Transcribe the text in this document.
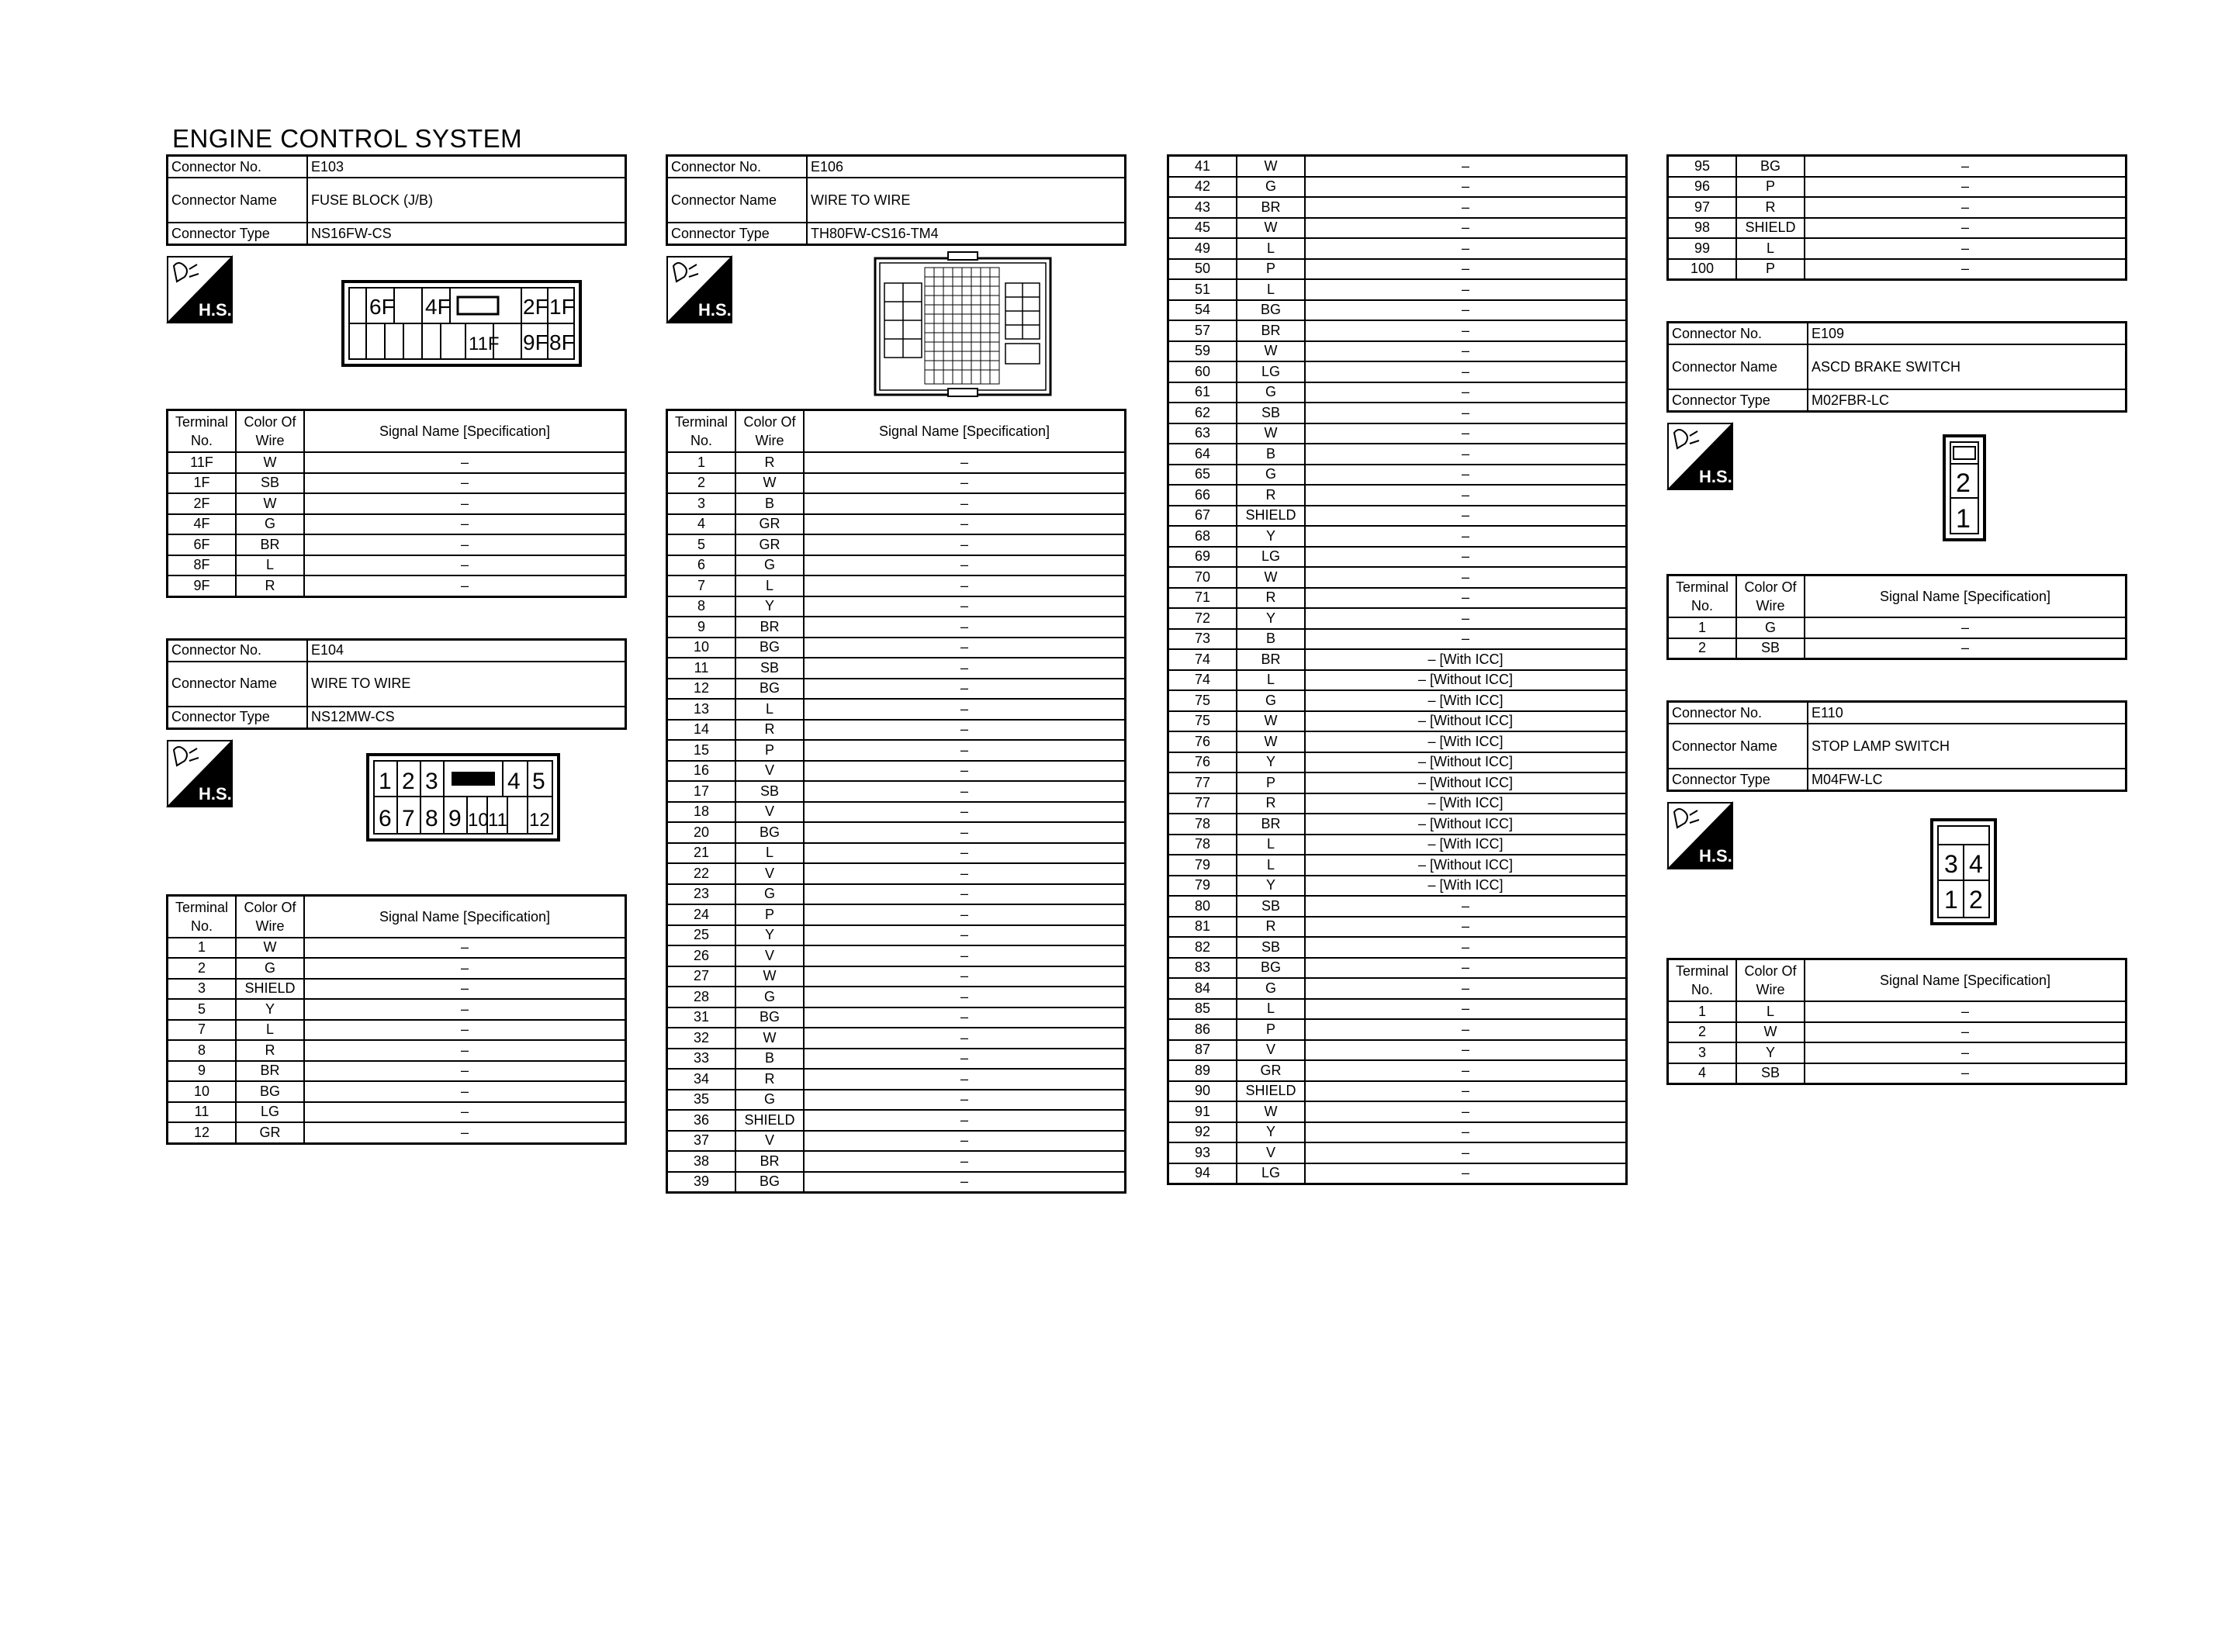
ENGINE CONTROL SYSTEM
Connector No.	E103
Connector Name	FUSE BLOCK (J/B)
Connector Type	NS16FW-CS
H.S.	6F 4F	2F 1F
11F 9F 8F
Terminal No.	Color Of Wire	Signal Name [Specification]
11F	W	–
1F	SB	–
2F	W	–
4F	G	–
6F	BR	–
8F	L	–
9F	R	–
Connector No.	E104
Connector Name	WIRE TO WIRE
Connector Type	NS12MW-CS
H.S.	1 2 3	4 5
6 7 8 9 10 11 12
Terminal No.	Color Of Wire	Signal Name [Specification]
1	W	–
2	G	–
3	SHIELD	–
5	Y	–
7	L	–
8	R	–
9	BR	–
10	BG	–
11	LG	–
12	GR	–
Connector No.	E106
Connector Name	WIRE TO WIRE
Connector Type	TH80FW-CS16-TM4
H.S.
Terminal No.	Color Of Wire	Signal Name [Specification]
1	R	–
2	W	–
3	B	–
4	GR	–
5	GR	–
6	G	–
7	L	–
8	Y	–
9	BR	–
10	BG	–
11	SB	–
12	BG	–
13	L	–
14	R	–
15	P	–
16	V	–
17	SB	–
18	V	–
20	BG	–
21	L	–
22	V	–
23	G	–
24	P	–
25	Y	–
26	V	–
27	W	–
28	G	–
31	BG	–
32	W	–
33	B	–
34	R	–
35	G	–
36	SHIELD	–
37	V	–
38	BR	–
39	BG	–
41	W	–
42	G	–
43	BR	–
45	W	–
49	L	–
50	P	–
51	L	–
54	BG	–
57	BR	–
59	W	–
60	LG	–
61	G	–
62	SB	–
63	W	–
64	B	–
65	G	–
66	R	–
67	SHIELD	–
68	Y	–
69	LG	–
70	W	–
71	R	–
72	Y	–
73	B	–
74	BR	– [With ICC]
74	L	– [Without ICC]
75	G	– [With ICC]
75	W	– [Without ICC]
76	W	– [With ICC]
76	Y	– [Without ICC]
77	P	– [Without ICC]
77	R	– [With ICC]
78	BR	– [Without ICC]
78	L	– [With ICC]
79	L	– [Without ICC]
79	Y	– [With ICC]
80	SB	–
81	R	–
82	SB	–
83	BG	–
84	G	–
85	L	–
86	P	–
87	V	–
89	GR	–
90	SHIELD	–
91	W	–
92	Y	–
93	V	–
94	LG	–
95	BG	–
96	P	–
97	R	–
98	SHIELD	–
99	L	–
100	P	–
Connector No.	E109
Connector Name	ASCD BRAKE SWITCH
Connector Type	M02FBR-LC
H.S.	2
1
Terminal No.	Color Of Wire	Signal Name [Specification]
1	G	–
2	SB	–
Connector No.	E110
Connector Name	STOP LAMP SWITCH
Connector Type	M04FW-LC
H.S.	3 4
1 2
Terminal No.	Color Of Wire	Signal Name [Specification]
1	L	–
2	W	–
3	Y	–
4	SB	–
